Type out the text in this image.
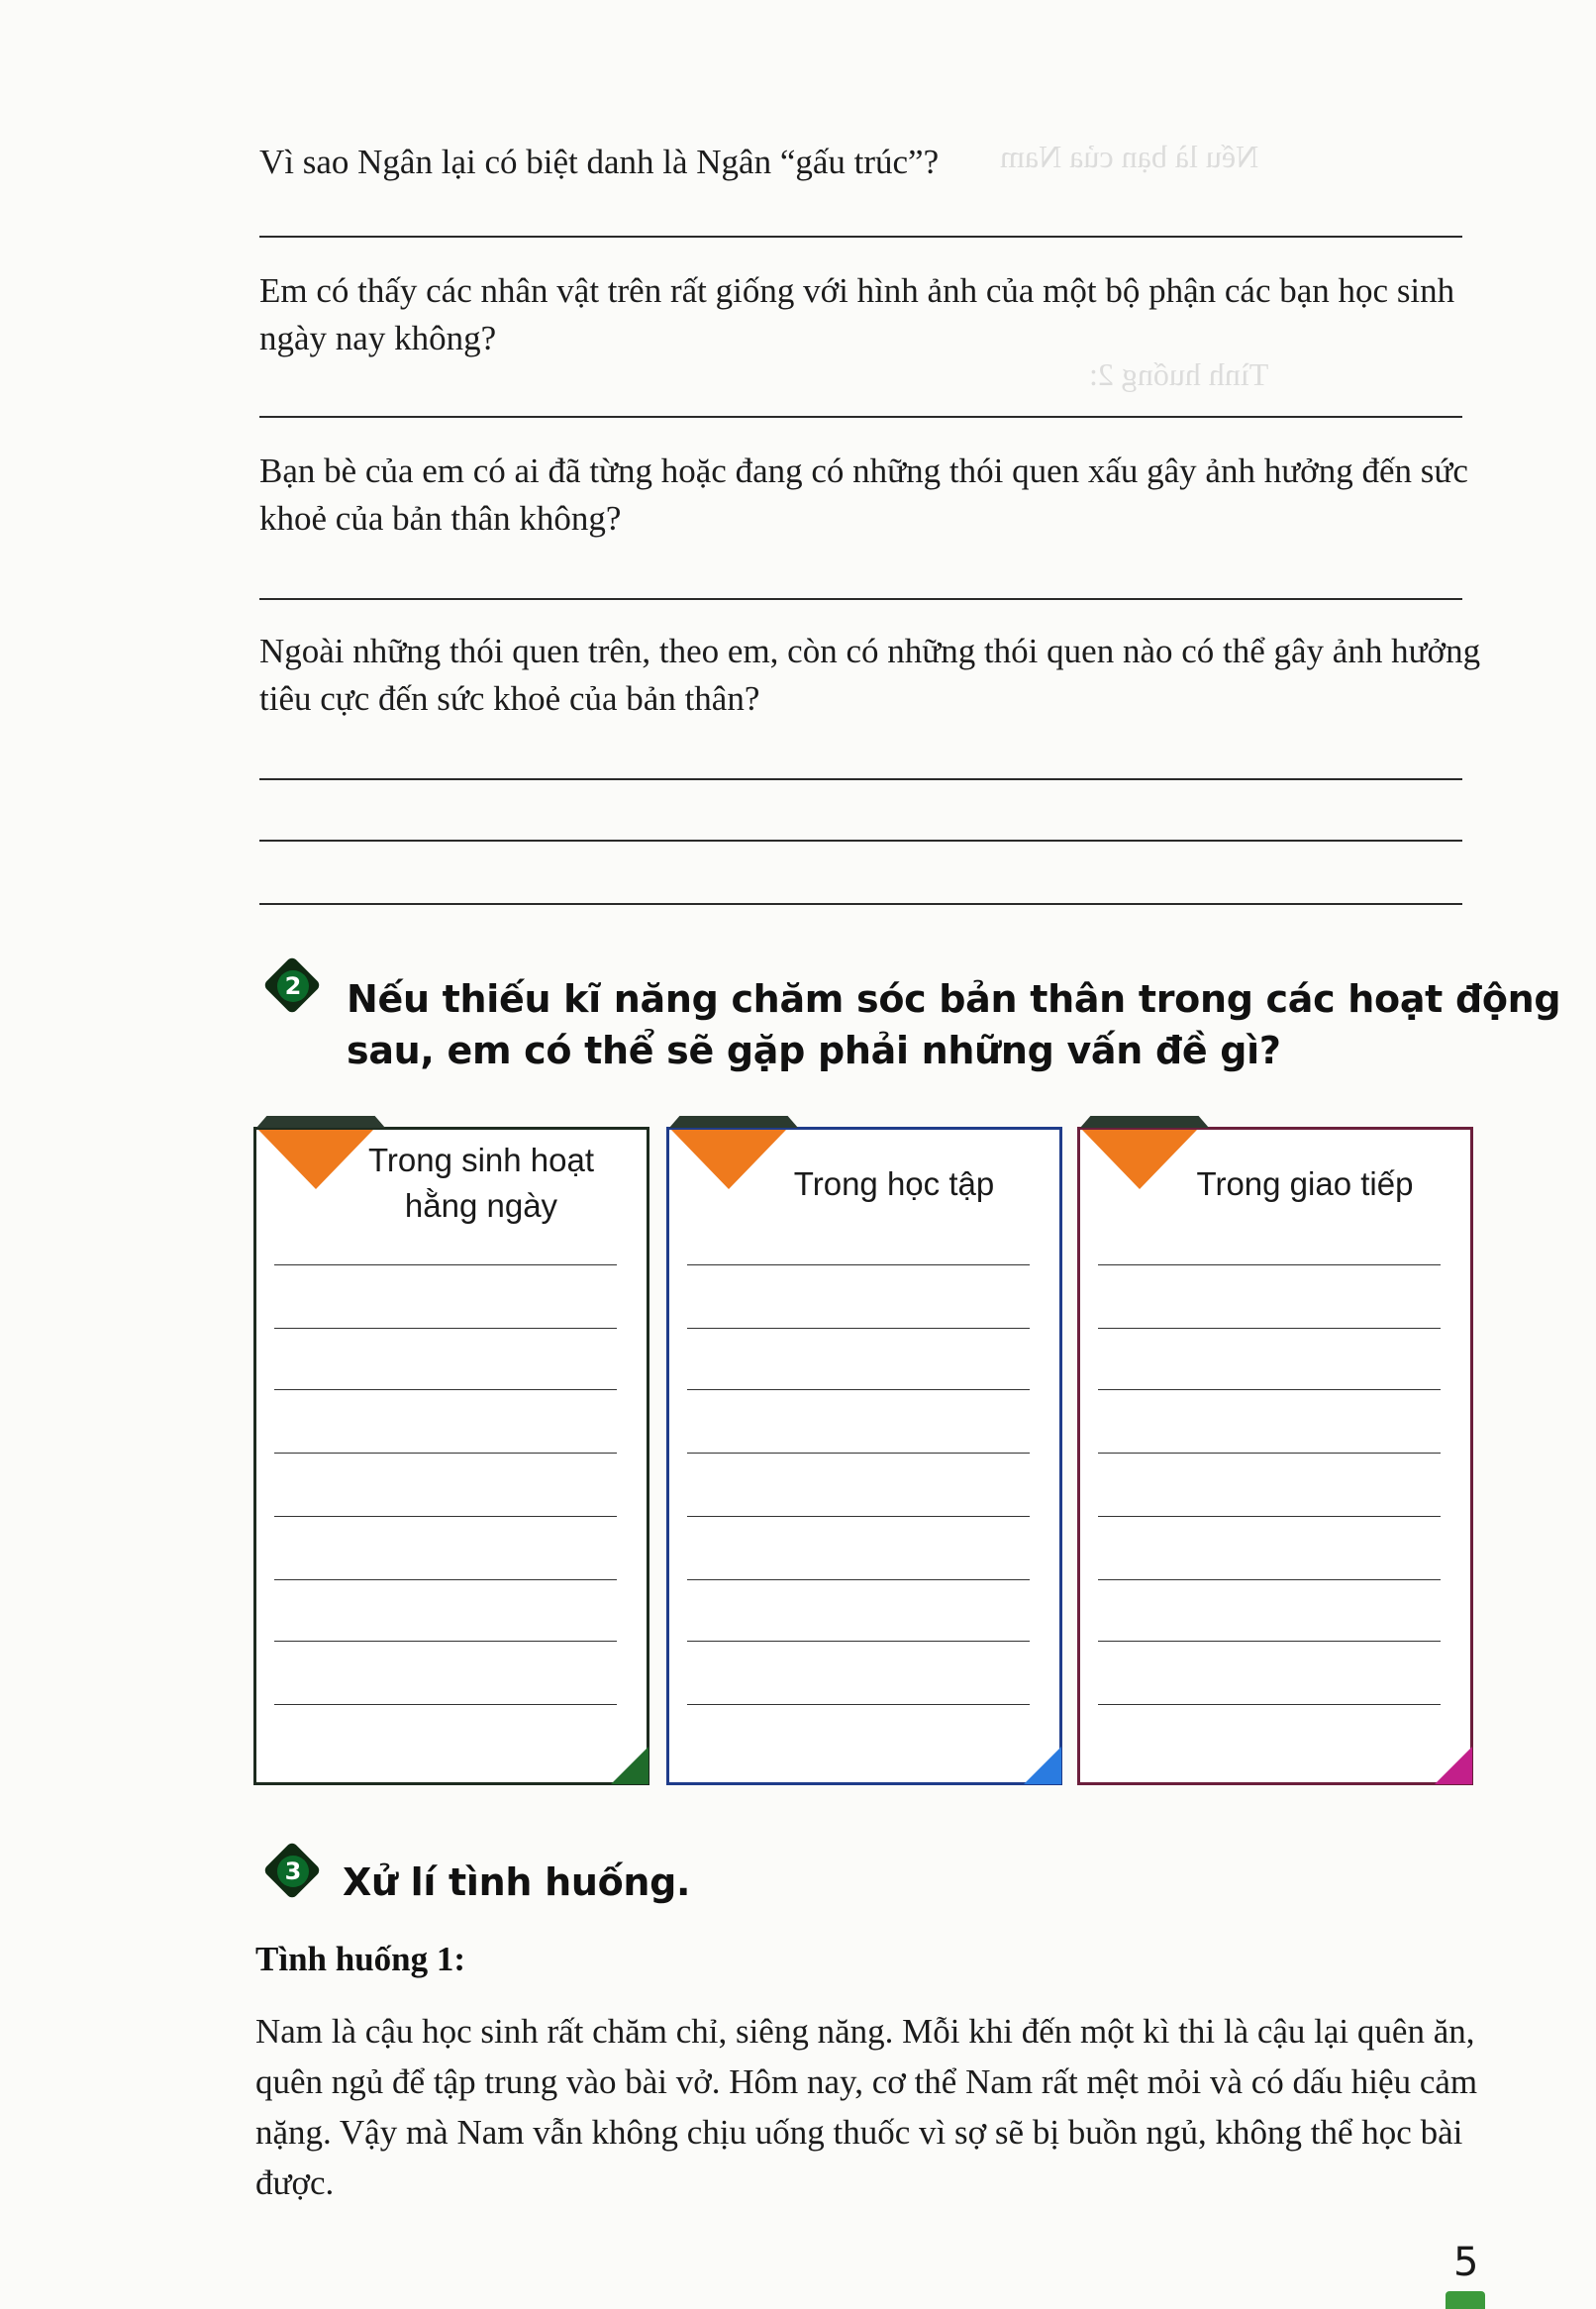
Nếu là bạn của Nam
Tình huống 2:
Vì sao Ngân lại có biệt danh là Ngân “gấu trúc”?
Em có thấy các nhân vật trên rất giống với hình ảnh của một bộ phận các bạn học sinh ngày nay không?
Bạn bè của em có ai đã từng hoặc đang có những thói quen xấu gây ảnh hưởng đến sức khoẻ của bản thân không?
Ngoài những thói quen trên, theo em, còn có những thói quen nào có thể gây ảnh hưởng tiêu cực đến sức khoẻ của bản thân?
2 Nếu thiếu kĩ năng chăm sóc bản thân trong các hoạt động
sau, em có thể sẽ gặp phải những vấn đề gì?
Trong sinh hoạt
hằng ngày
Trong học tập	Trong giao tiếp
3 Xử lí tình huống.
Tình huống 1:
Nam là cậu học sinh rất chăm chỉ, siêng năng. Mỗi khi đến một kì thi là cậu lại quên ăn, quên ngủ để tập trung vào bài vở. Hôm nay, cơ thể Nam rất mệt mỏi và có dấu hiệu cảm nặng. Vậy mà Nam vẫn không chịu uống thuốc vì sợ sẽ bị buồn ngủ, không thể học bài được.
5
